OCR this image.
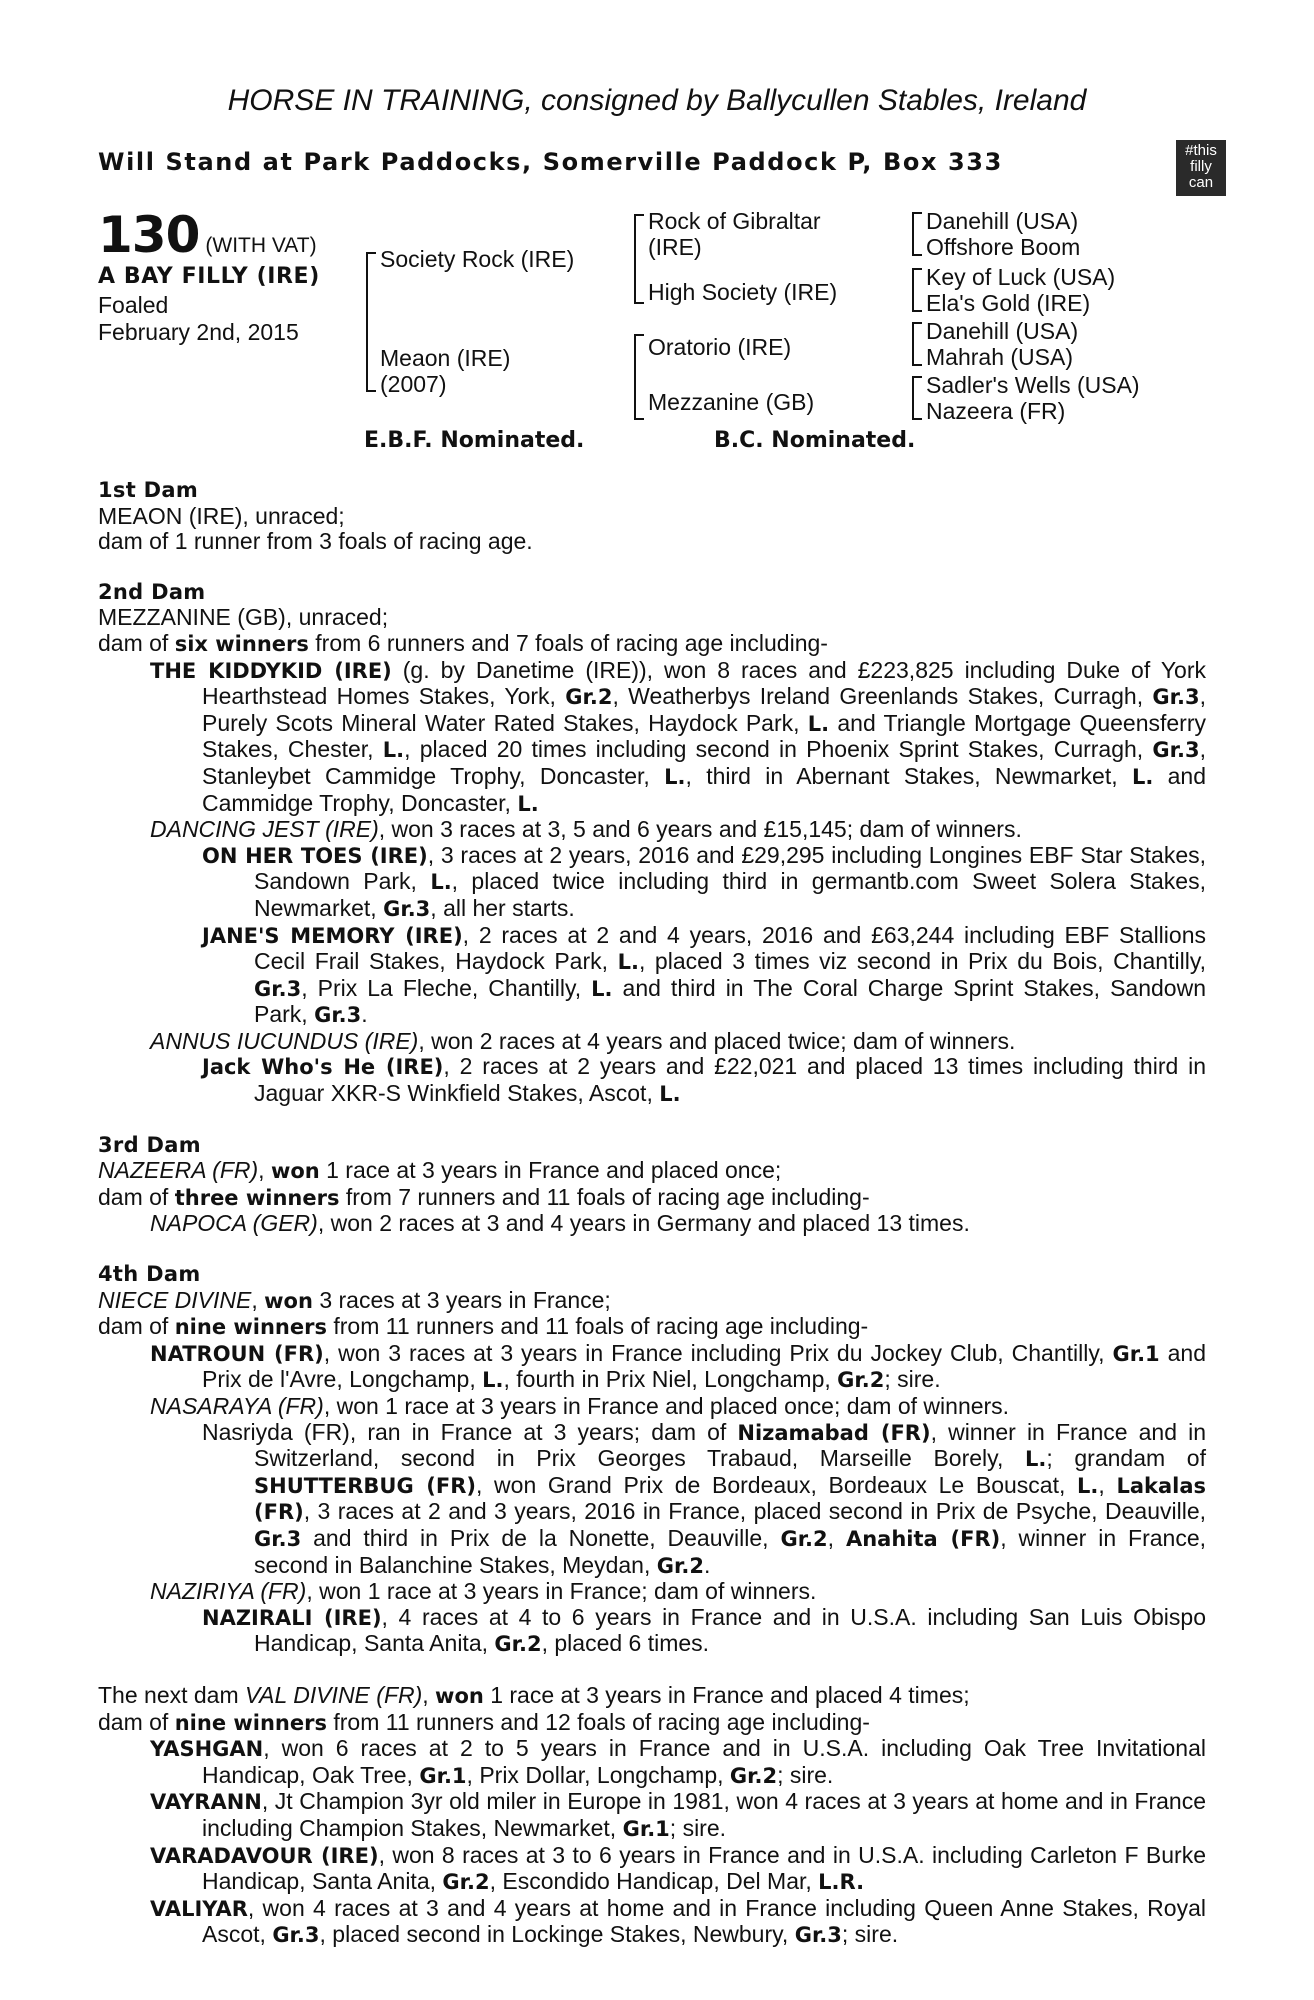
HORSE IN TRAINING, consigned by Ballycullen Stables, Ireland
Will Stand at Park Paddocks, Somerville Paddock P, Box 333	#this
filly
can
130 (WITH VAT)
A BAY FILLY (IRE)
Foaled
February 2nd, 2015
Society Rock (IRE)
Meaon (IRE)
(2007)
Rock of Gibraltar
(IRE)
High Society (IRE)
Oratorio (IRE)
Mezzanine (GB)
Danehill (USA)
Offshore Boom
Key of Luck (USA)
Ela's Gold (IRE)
Danehill (USA)
Mahrah (USA)
Sadler's Wells (USA)
Nazeera (FR)
E.B.F. Nominated.	B.C. Nominated.
1st Dam

MEAON (IRE), unraced;

dam of 1 runner from 3 foals of racing age.

2nd Dam

MEZZANINE (GB), unraced;

dam of six winners from 6 runners and 7 foals of racing age including-

THE KIDDYKID (IRE) (g. by Danetime (IRE)), won 8 races and £223,825 including Duke of York Hearthstead Homes Stakes, York, Gr.2, Weatherbys Ireland Greenlands Stakes, Curragh, Gr.3, Purely Scots Mineral Water Rated Stakes, Haydock Park, L. and Triangle Mortgage Queensferry Stakes, Chester, L., placed 20 times including second in Phoenix Sprint Stakes, Curragh, Gr.3, Stanleybet Cammidge Trophy, Doncaster, L., third in Abernant Stakes, Newmarket, L. and Cammidge Trophy, Doncaster, L.

DANCING JEST (IRE), won 3 races at 3, 5 and 6 years and £15,145; dam of winners.

ON HER TOES (IRE), 3 races at 2 years, 2016 and £29,295 including Longines EBF Star Stakes, Sandown Park, L., placed twice including third in germantb.com Sweet Solera Stakes, Newmarket, Gr.3, all her starts.

JANE'S MEMORY (IRE), 2 races at 2 and 4 years, 2016 and £63,244 including EBF Stallions Cecil Frail Stakes, Haydock Park, L., placed 3 times viz second in Prix du Bois, Chantilly, Gr.3, Prix La Fleche, Chantilly, L. and third in The Coral Charge Sprint Stakes, Sandown Park, Gr.3.

ANNUS IUCUNDUS (IRE), won 2 races at 4 years and placed twice; dam of winners.

Jack Who's He (IRE), 2 races at 2 years and £22,021 and placed 13 times including third in Jaguar XKR-S Winkfield Stakes, Ascot, L.

3rd Dam

NAZEERA (FR), won 1 race at 3 years in France and placed once;

dam of three winners from 7 runners and 11 foals of racing age including-

NAPOCA (GER), won 2 races at 3 and 4 years in Germany and placed 13 times.

4th Dam

NIECE DIVINE, won 3 races at 3 years in France;

dam of nine winners from 11 runners and 11 foals of racing age including-

NATROUN (FR), won 3 races at 3 years in France including Prix du Jockey Club, Chantilly, Gr.1 and Prix de l'Avre, Longchamp, L., fourth in Prix Niel, Longchamp, Gr.2; sire.

NASARAYA (FR), won 1 race at 3 years in France and placed once; dam of winners.

Nasriyda (FR), ran in France at 3 years; dam of Nizamabad (FR), winner in France and in Switzerland, second in Prix Georges Trabaud, Marseille Borely, L.; grandam of SHUTTERBUG (FR), won Grand Prix de Bordeaux, Bordeaux Le Bouscat, L., Lakalas (FR), 3 races at 2 and 3 years, 2016 in France, placed second in Prix de Psyche, Deauville, Gr.3 and third in Prix de la Nonette, Deauville, Gr.2, Anahita (FR), winner in France, second in Balanchine Stakes, Meydan, Gr.2.

NAZIRIYA (FR), won 1 race at 3 years in France; dam of winners.

NAZIRALI (IRE), 4 races at 4 to 6 years in France and in U.S.A. including San Luis Obispo Handicap, Santa Anita, Gr.2, placed 6 times.

The next dam VAL DIVINE (FR), won 1 race at 3 years in France and placed 4 times;

dam of nine winners from 11 runners and 12 foals of racing age including-

YASHGAN, won 6 races at 2 to 5 years in France and in U.S.A. including Oak Tree Invitational Handicap, Oak Tree, Gr.1, Prix Dollar, Longchamp, Gr.2; sire.

VAYRANN, Jt Champion 3yr old miler in Europe in 1981, won 4 races at 3 years at home and in France including Champion Stakes, Newmarket, Gr.1; sire.

VARADAVOUR (IRE), won 8 races at 3 to 6 years in France and in U.S.A. including Carleton F Burke Handicap, Santa Anita, Gr.2, Escondido Handicap, Del Mar, L.R.

VALIYAR, won 4 races at 3 and 4 years at home and in France including Queen Anne Stakes, Royal Ascot, Gr.3, placed second in Lockinge Stakes, Newbury, Gr.3; sire.
